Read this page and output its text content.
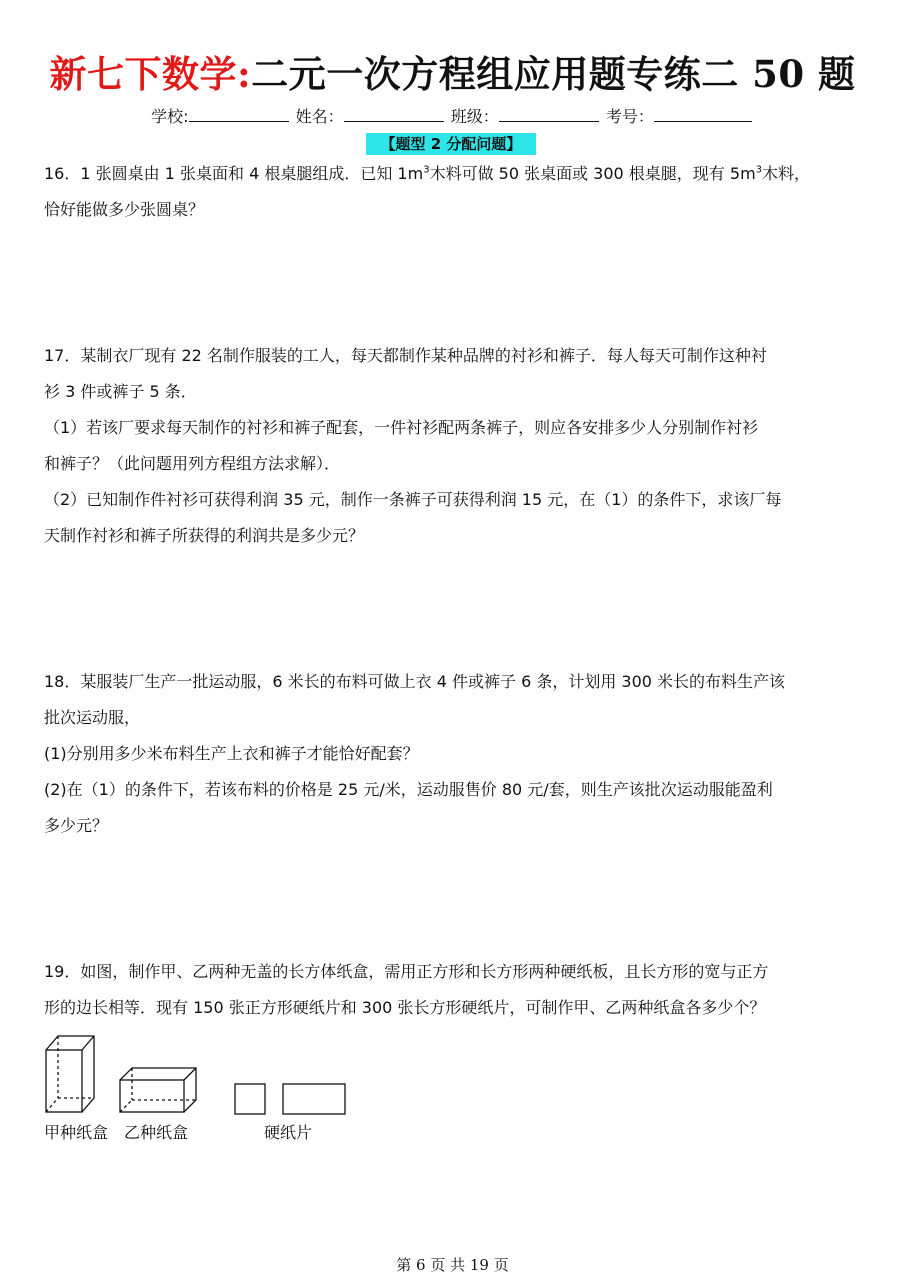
新七下数学:二元一次方程组应用题专练二 50 题
学校:	姓名：	班级：	考号：
【题型 2 分配问题】
16．1 张圆桌由 1 张桌面和 4 根桌腿组成．已知 $1m^3$木料可做 50 张桌面或 300 根桌腿，现有 $5m^3$木料，
恰好能做多少张圆桌？
17．某制衣厂现有 22 名制作服装的工人，每天都制作某种品牌的衬衫和裤子．每人每天可制作这种衬
衫 3 件或裤子 5 条．
（1）若该厂要求每天制作的衬衫和裤子配套，一件衬衫配两条裤子，则应各安排多少人分别制作衬衫
和裤子？（此问题用列方程组方法求解）．
（2）已知制作件衬衫可获得利润 35 元，制作一条裤子可获得利润 15 元，在（1）的条件下，求该厂每
天制作衬衫和裤子所获得的利润共是多少元？
18．某服装厂生产一批运动服，6 米长的布料可做上衣 4 件或裤子 6 条，计划用 300 米长的布料生产该
批次运动服，
(1)分别用多少米布料生产上衣和裤子才能恰好配套？
(2)在（1）的条件下，若该布料的价格是 25 元/米，运动服售价 80 元/套，则生产该批次运动服能盈利
多少元？
19．如图，制作甲、乙两种无盖的长方体纸盒，需用正方形和长方形两种硬纸板，且长方形的宽与正方
形的边长相等．现有 150 张正方形硬纸片和 300 张长方形硬纸片，可制作甲、乙两种纸盒各多少个？
甲种纸盒 乙种纸盒	硬纸片
第 6 页 共 19 页
